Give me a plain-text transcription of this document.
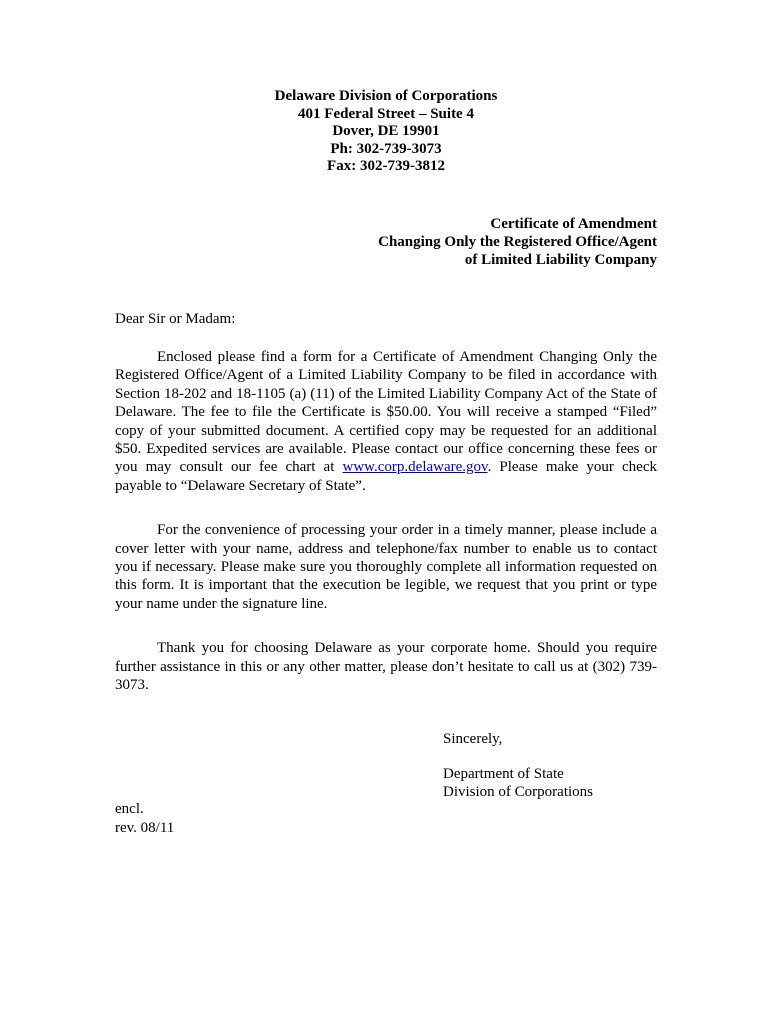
Delaware Division of Corporations
401 Federal Street – Suite 4
Dover, DE 19901
Ph: 302-739-3073
Fax: 302-739-3812
Certificate of Amendment
Changing Only the Registered Office/Agent
of Limited Liability Company
Dear Sir or Madam:

Enclosed please find a form for a Certificate of Amendment Changing Only the Registered Office/Agent of a Limited Liability Company to be filed in accordance with Section 18-202 and 18-1105 (a) (11) of the Limited Liability Company Act of the State of Delaware. The fee to file the Certificate is $50.00. You will receive a stamped “Filed” copy of your submitted document. A certified copy may be requested for an additional $50. Expedited services are available. Please contact our office concerning these fees or you may consult our fee chart at www.corp.delaware.gov. Please make your check payable to “Delaware Secretary of State”.

For the convenience of processing your order in a timely manner, please include a cover letter with your name, address and telephone/fax number to enable us to contact you if necessary. Please make sure you thoroughly complete all information requested on this form. It is important that the execution be legible, we request that you print or type your name under the signature line.

Thank you for choosing Delaware as your corporate home. Should you require further assistance in this or any other matter, please don’t hesitate to call us at (302) 739-3073.

Sincerely,
Department of State
Division of Corporations
encl.
rev. 08/11
